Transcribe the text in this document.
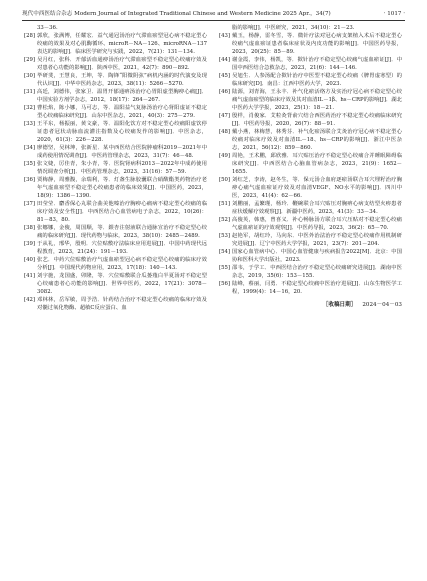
现代中西医结合杂志 Modern Journal of Integrated Traditional Chinese and Western Medicine 2025 Apr.，34(7)	· 1017 ·
33－36.
[28] 郭欣，张满博，任耀宏．益气通冠汤治疗气滞血瘀型冠心病不稳定型心绞痛的效果及对心肌酶循环、microR－NA－126、microRNA－137表达的影响[J]．临床医学研究与实践，2022，7(21)：131－134.
[29] 吴月红，张科．开郁活血通痹汤治疗气滞血瘀型不稳定型心绞痛疗效及对患者心功能的影响[J]．陕西中医，2021，42(7)：890－892.
[30] 毕研斐，王慧良，王坤，等．陶锋“阳微阴弦”病机内涵的时代演变及现代认识[J]．中华中医药杂志，2023，38(11)：5266－5270.
[31] 高廷，刘德伟，张家卫．温胃开郁通痹汤治疗心胃阳虚型胸痹心痛[J]．中国实验方剂学杂志，2012，18(17)：264－267.
[32] 曹松焰，陈小娜，马可志，等．温阳益气复脉汤治疗心肾阳虚证不稳定型心绞痛临床研究[J]．山东中医杂志，2021，40(3)：275－279.
[33] 王平东，杨振丽，黄文豪，等．温阳化饮方对不稳定型心绞痛阳虚饮停证患者冠状动脉血流灌注指数及心绞痛发作的影响[J]．中医杂志，2020，61(3)：226－228.
[34] 廖德坚，吴林坤，张新星．某中西医结合医院肿瘤科2019－2021年中成药使用情况调查[J]．中医药管理杂志，2023，31(7)：46－48.
[35] 张文婕，厉佳青，朱小青，等．医院肾病科2013－2022年中成药使用情况调查分析[J]．中医药管理杂志，2023，31(16)：57－59.
[36] 贾梅静，周雅馥，余瑞利，等．灯盏生脉胶囊联合硝酸酯类药物治疗老年气虚血瘀型不稳定型心绞痛患者的临床效果[J]．中国医药，2023，18(9)：1386－1390.
[37] 田莹莹．麝香保心丸联合曲美他嗪治疗胸痹心痛病不稳定型心绞痛的临床疗效及安全性[J]．中西医结合心血管病电子杂志，2022，10(26)：81－83，80.
[38] 张娜娜，金俊，周国顺，等．銀杏注射液联合通脉宣治疗不稳定型心绞痛的临床研究[J]．现代药物与临床，2023，38(10)：2485－2489.
[39] 于从礼，邢华，殷明．穴位贴敷疗法临床应用进展[J]．中国中药现代远程教育，2023，21(24)：191－193.
[40] 张艺．中药穴位贴敷治疗气虚血瘀型冠心病不稳定型心绞痛的临床疗效分析[J]．中国现代药物应用，2023，17(18)：140－143.
[41] 刘宇施，龙国盛，卯隆，等．穴位贴敷联合瓜蒌薤白半夏汤对不稳定型心绞痛患者心功能的影响[J]．世界中医药，2022，17(21)：3078－3082.
[42] 邓林林，岳军敏，周予浩．针药结合治疗不稳定型心绞痛的临床疗效及对髓过氧化物酶、超敏C反应蛋白、血
脂的影响[J]．中医研究，2021，34(10)：21－23.
[43] 戴玉，杨静，雷冬雪，等．微针疗法对冠心病支架植入术后不稳定型心绞痛气虚血瘀证患者临床症状及内皮功能的影响[J]．中国医药导报，2023，20(25)：85－89.
[44] 谢金霞，李伟，杨凯，等．揿针治疗不稳定型心绞痛气虚血瘀证[J]．中国中西医结合急救杂志，2023，21(6)：144－146.
[45] 吴旭生．人参汤配合揿针治疗中医型不稳定型心绞痛（脾胃虚寒型）的临床研究[D]．南昌：江西中医药大学，2023.
[46] 陆源，刘青海，王永丰．补气化瘀活络方及实治疗冠心病不稳定型心绞痛气虚血瘀型的临床疗效及其对血清IL－1β、hs－CRP的影响[J]．湖北中医药大学学报，2023，25(1)：18－21.
[47] 殷样，肖俊家．艾粒灸背俞穴结合西医药治疗不稳定型心绞痛临床研究[J]．中医药导报，2020，26(7)：88－91.
[48] 戴小燕，林梅慧，林秀芬．补气化瘀汤联合艾灸治疗冠心病不稳定型心绞痛对临床疗效及对血清IL－18、hs－CRP的影响[J]．浙江中医杂志，2021，56(12)：859－860.
[49] 周艳，王术鹏，邱欣雅．耳穴贴压治疗不稳定型心绞痛合并睡眠障碍临床研究[J]．中西医结合心脑血管病杂志，2023，21(9)：1652－1655.
[50] 刘红芝，李涛，赵冬生，等．保元汤合血府逐瘀汤联合耳穴埋籽治疗胸痹心痛气虚血瘀证疗效及对血清VEGF、NO水平的影响[J]．四川中医，2023，41(4)：62－66.
[51] 刘鹏丽，孟繁瑾，杨玲．鞭碗联合耳穴贴压对胸痹心病支结型火痹患者症状缓解疗效观察[J]．新疆中医药，2023，41(3)：33－34.
[52] 高俊英，韩惠，曾喜义．补心畅脉汤方联合耳穴压贴对不稳定型心绞痛气虚血瘀证的疗效观察[J]．中医药导报，2023，36(2)：65－70.
[53] 赵艳军，胡红玲，马向东．中医外治法治疗不稳定型心绞痛作用机制研究进展[J]．辽宁中医药大学学报，2021，23(7)：201－204.
[54] 国家心血管病中心．中国心血管健康与疾病报告2022[M]．北京：中国协和医科大学出版社，2023.
[55] 邵韦，于学工．中西医结合治疗不稳定型心绞痛研究进展[J]．湖南中医杂志，2019，35(6)：153－155.
[56] 陆峰，蔡丽，闫勇．不稳定型心绞痛中医治疗进展[J]．山东生物医学工程，1999(4)：14－16，20.
［收稿日期］ 2024－04－03
